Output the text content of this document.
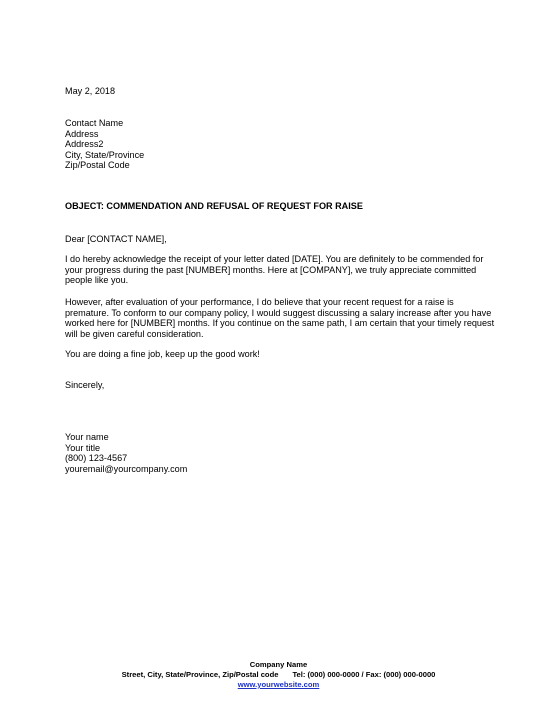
May 2, 2018

Contact Name
Address
Address2
City, State/Province
Zip/Postal Code

OBJECT: COMMENDATION AND REFUSAL OF REQUEST FOR RAISE

Dear [CONTACT NAME],

I do hereby acknowledge the receipt of your letter dated [DATE]. You are definitely to be commended for your progress during the past [NUMBER] months. Here at [COMPANY], we truly appreciate committed people like you.

However, after evaluation of your performance, I do believe that your recent request for a raise is premature. To conform to our company policy, I would suggest discussing a salary increase after you have worked here for [NUMBER] months. If you continue on the same path, I am certain that your timely request will be given careful consideration.

You are doing a fine job, keep up the good work!

Sincerely,

Your name
Your title
(800) 123-4567
youremail@yourcompany.com
Company Name
Street, City, State/Province, Zip/Postal code Tel: (000) 000-0000 / Fax: (000) 000-0000
www.yourwebsite.com
